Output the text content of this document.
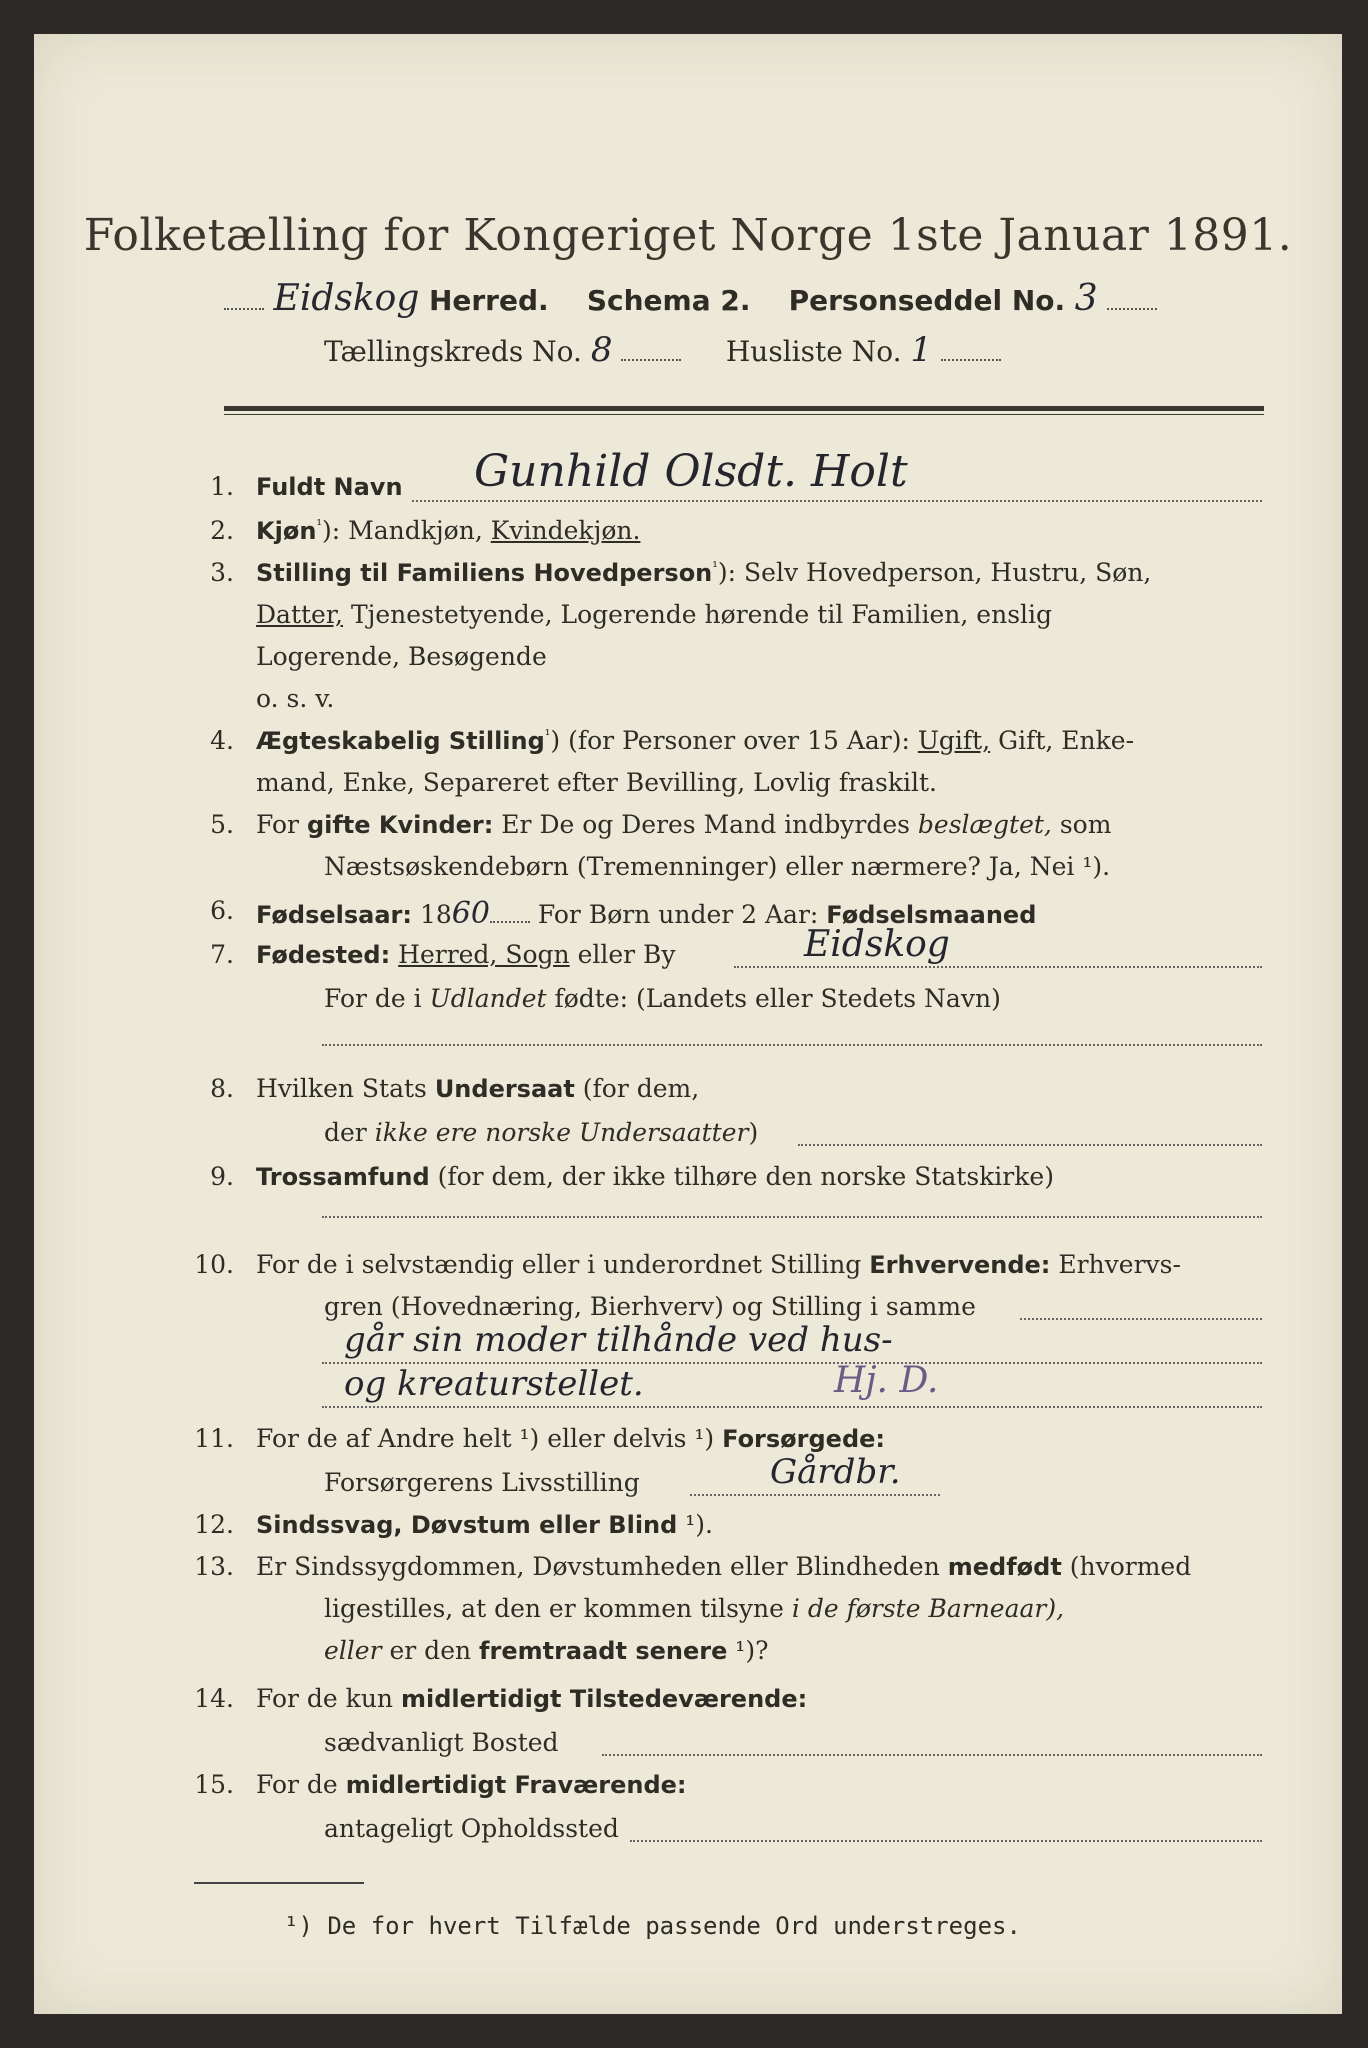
Folketælling for Kongeriget Norge 1ste Januar 1891.
Eidskog Herred. Schema 2. Personseddel No. 3
Tællingskreds No. 8	Husliste No. 1
1. Fuldt Navn Gunhild Olsdt. Holt
2. Kjøn$^{^1}$): Mandkjøn, Kvindekjøn.
3. Stilling til Familiens Hovedperson$^{^1}$): Selv Hovedperson, Hustru, Søn,
Datter, Tjenestetyende, Logerende hørende til Familien, enslig
Logerende, Besøgende
o. s. v.
4. Ægteskabelig Stilling$^{^1}$) (for Personer over 15 Aar): Ugift, Gift, Enke-
mand, Enke, Separeret efter Bevilling, Lovlig fraskilt.
5. For gifte Kvinder: Er De og Deres Mand indbyrdes beslægtet, som
Næstsøskendebørn (Tremenninger) eller nærmere? Ja, Nei ¹).
6. Fødselsaar: 1860 For Børn under 2 Aar: Fødselsmaaned
7. Fødested: Herred, Sogn eller By	Eidskog
For de i Udlandet fødte: (Landets eller Stedets Navn)
8. Hvilken Stats Undersaat (for dem,
der ikke ere norske Undersaatter)
9. Trossamfund (for dem, der ikke tilhøre den norske Statskirke)
10. For de i selvstændig eller i underordnet Stilling Erhvervende: Erhvervs-
gren (Hovednæring, Bierhverv) og Stilling i samme
går sin moder tilhånde ved hus-
og kreaturstellet.	Hj. D.
11. For de af Andre helt ¹) eller delvis ¹) Forsørgede:
Forsørgerens Livsstilling	Gårdbr.
12. Sindssvag, Døvstum eller Blind ¹).
13. Er Sindssygdommen, Døvstumheden eller Blindheden medfødt (hvormed
ligestilles, at den er kommen tilsyne i de første Barneaar),
eller er den fremtraadt senere ¹)?
14. For de kun midlertidigt Tilstedeværende:
sædvanligt Bosted
15. For de midlertidigt Fraværende:
antageligt Opholdssted
¹) De for hvert Tilfælde passende Ord understreges.
